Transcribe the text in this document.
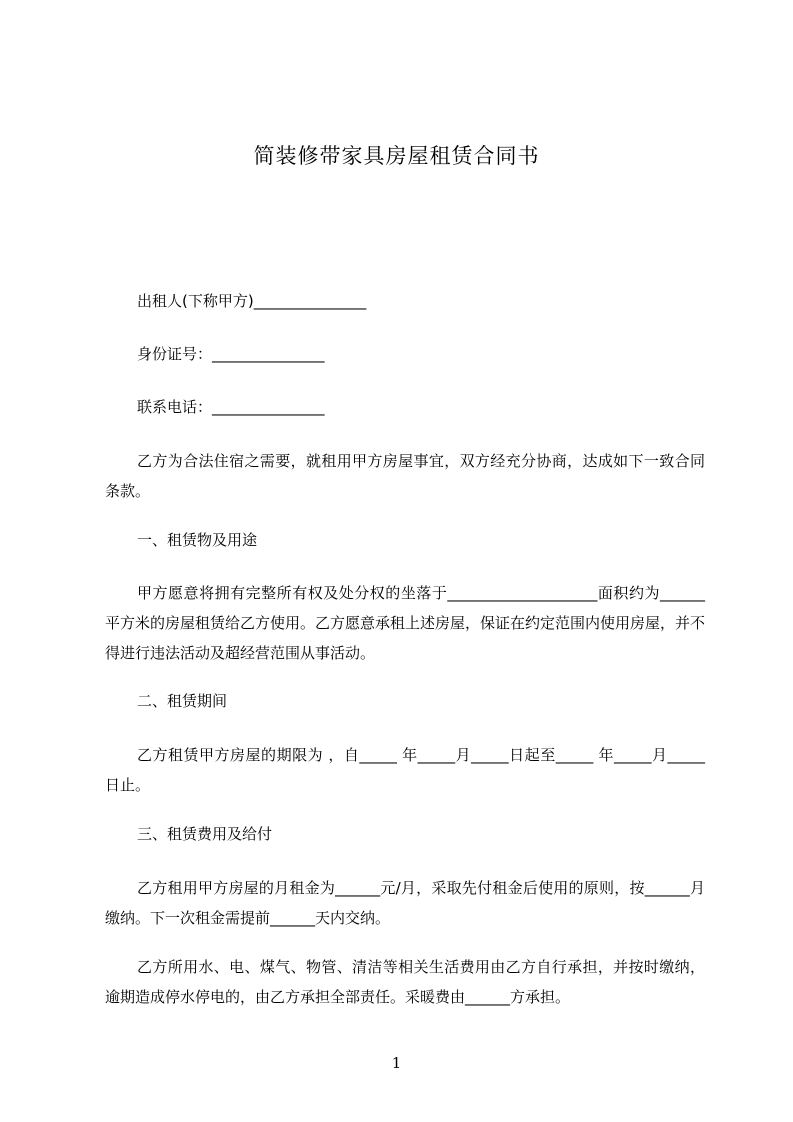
简装修带家具房屋租赁合同书
出租人(下称甲方)_______________
身份证号：_______________
联系电话：_______________
乙方为合法住宿之需要，就租用甲方房屋事宜，双方经充分协商，达成如下一致合同条款。
一、租赁物及用途
甲方愿意将拥有完整所有权及处分权的坐落于____________________面积约为______平方米的房屋租赁给乙方使用。乙方愿意承租上述房屋，保证在约定范围内使用房屋，并不得进行违法活动及超经营范围从事活动。
二、租赁期间
乙方租赁甲方房屋的期限为 ，自_____ 年_____月_____日起至_____ 年_____月_____日止。
三、租赁费用及给付
乙方租用甲方房屋的月租金为______元/月，采取先付租金后使用的原则，按______月缴纳。下一次租金需提前______天内交纳。
乙方所用水、电、煤气、物管、清洁等相关生活费用由乙方自行承担，并按时缴纳，逾期造成停水停电的，由乙方承担全部责任。采暖费由______方承担。
1
